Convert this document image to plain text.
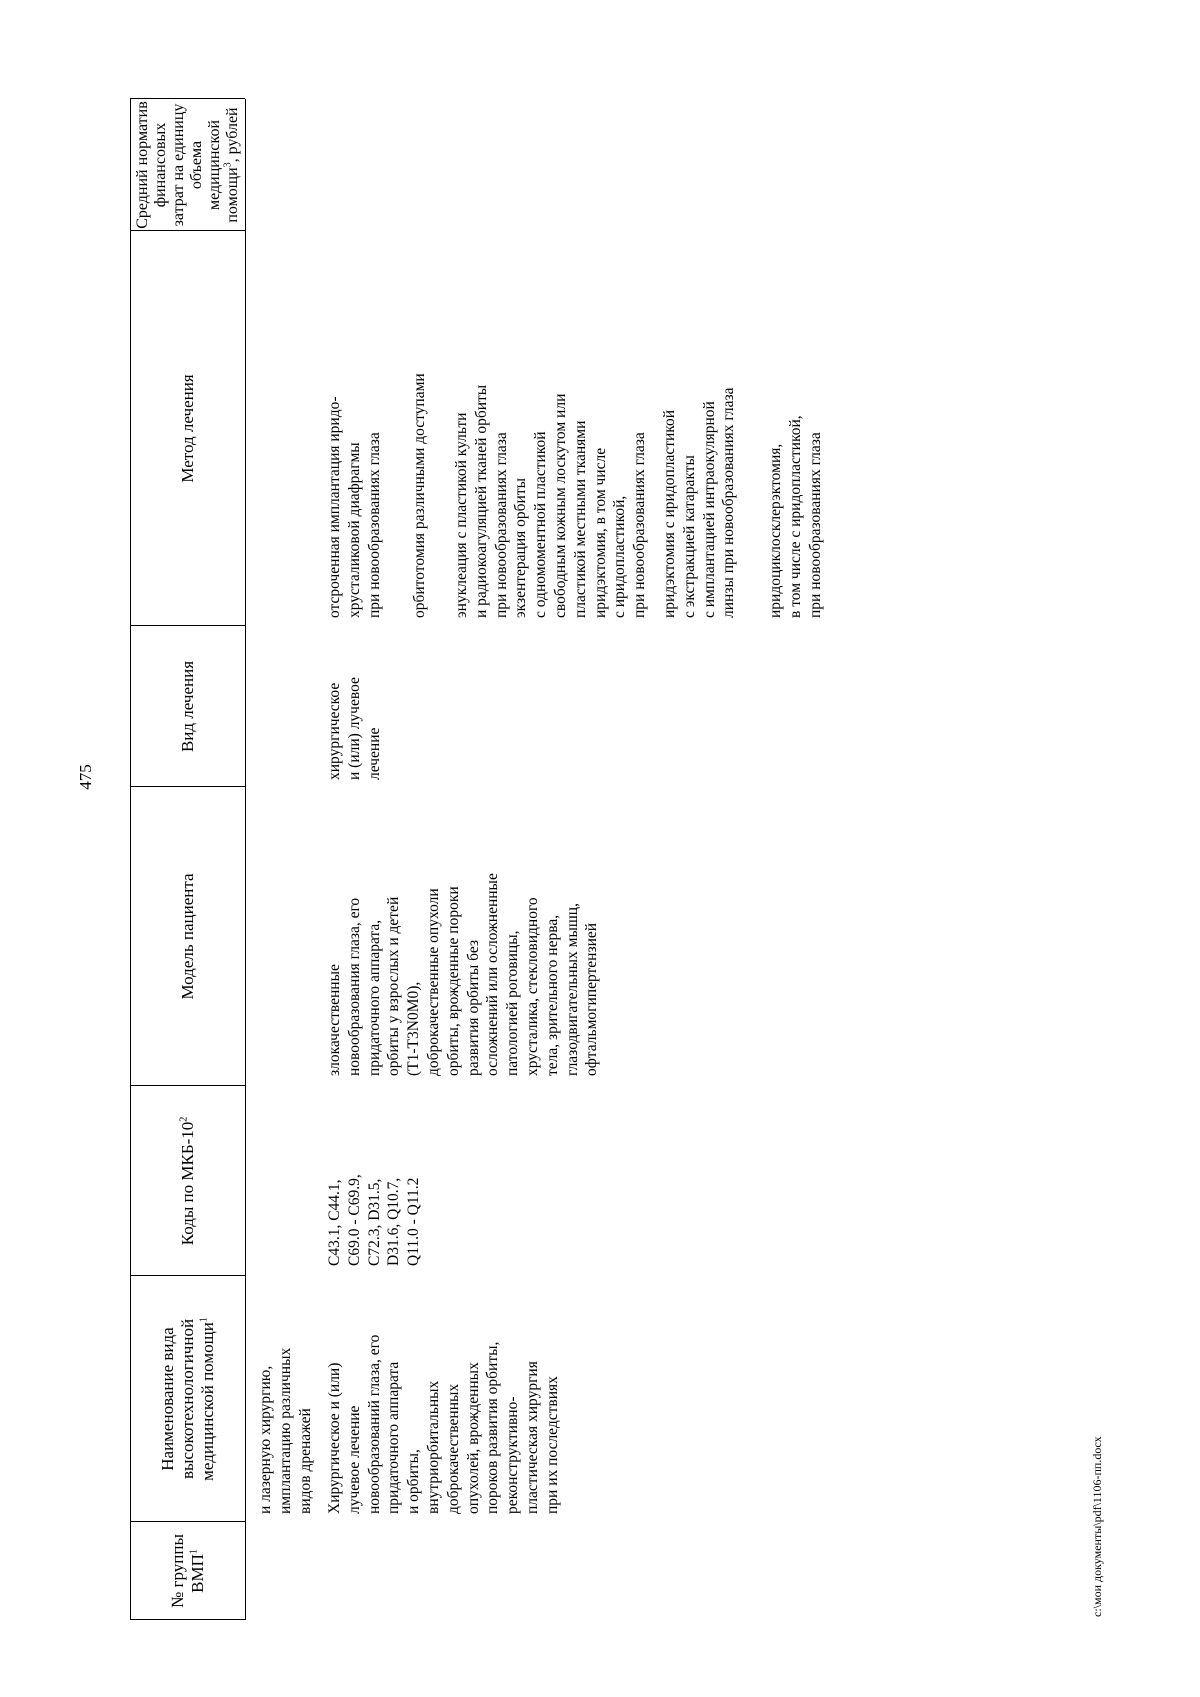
475
№ группы ВМП$^1$
Наименование вида высокотехнологичной медицинской помощи$^1$
Коды по МКБ-$10^2$
Модель пациента
Вид лечения
Метод лечения
Средний норматив финансовых затрат на единицу объема медицинской помощи$^3$, рублей
и лазерную хирургию,
имплантацию различных
видов дренажей Хирургическое и (или)
лучевое лечение
новообразований глаза, его
придаточного аппарата
и орбиты,
внутриорбитальных
доброкачественных
опухолей, врожденных
пороков развития орбиты,
реконструктивно-
пластическая хирургия
при их последствиях
C43.1, C44.1,
C69.0 - C69.9,
C72.3, D31.5,
D31.6, Q10.7,
Q11.0 - Q11.2
злокачественные
новообразования глаза, его
придаточного аппарата,
орбиты у взрослых и детей
(T1-T3N0M0),
доброкачественные опухоли
орбиты, врожденные пороки
развития орбиты без
осложнений или осложненные
патологией роговицы,
хрусталика, стекловидного
тела, зрительного нерва,
глазодвигательных мышц,
офтальмогипертензией
хирургическое
и (или) лучевое
лечение
отсроченная имплантация иридо-
хрусталиковой диафрагмы
при новообразованиях глаза орбитотомия различными доступами энуклеация с пластикой культи
и радиокоагуляцией тканей орбиты
при новообразованиях глаза
экзентерация орбиты
с одномоментной пластикой
свободным кожным лоскутом или
пластикой местными тканями
иридэктомия, в том числе
с иридопластикой,
при новообразованиях глаза
иридэктомия с иридопластикой
с экстракцией катаракты
с имплантацией интраокулярной
линзы при новообразованиях глаза
иридоциклосклерэктомия,
в том числе с иридопластикой,
при новообразованиях глаза
c:\мои документы\pdf\1106-пп.docx
